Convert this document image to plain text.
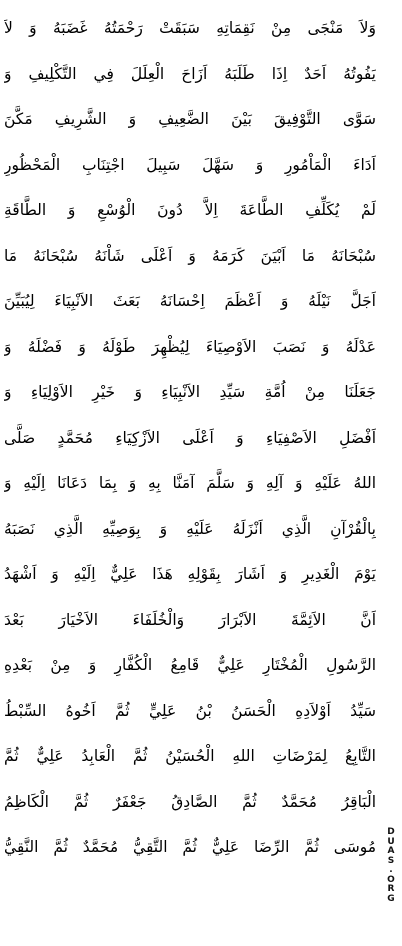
وَلاَ مَنْجَى مِنْ نَقِمَاتِهِ سَبَقَتْ رَحْمَتُهُ غَضَبَهُ وَ لاَ
يَفُوتُهُ اَحَدٌ اِذَا طَلَبَهُ اَزَاحَ الْعِلَلَ فِي التَّكْلِيفِ وَ
سَوَّى التَّوْفِيقَ بَيْنَ الضَّعِيفِ وَ الشَّرِيفِ مَكَّنَ
اَدَاءَ الْمَاْمُورِ وَ سَهَّلَ سَبِيلَ اجْتِنَابِ الْمَحْظُورِ
لَمْ يُكَلِّفِ الطَّاعَةَ اِلاَّ دُونَ الْوُسْعِ وَ الطَّاقَةِ
سُبْحَانَهُ مَا اَبْيَنَ كَرَمَهُ وَ اَعْلَى شَاْنَهُ سُبْحَانَهُ مَا
اَجَلَّ نَيْلَهُ وَ اَعْظَمَ اِحْسَانَهُ بَعَثَ الاَنْبِيَاءَ لِيُبَيِّنَ
عَدْلَهُ وَ نَصَبَ الاَوْصِيَاءَ لِيُظْهِرَ طَوْلَهُ وَ فَضْلَهُ وَ
جَعَلَنَا مِنْ اُمَّةِ سَيِّدِ الاَنْبِيَاءِ وَ خَيْرِ الاَوْلِيَاءِ وَ
اَفْضَلِ الاَصْفِيَاءِ وَ اَعْلَى الاَزْكِيَاءِ مُحَمَّدٍ صَلَّى
اللهُ عَلَيْهِ وَ آلِهِ وَ سَلَّمَ آمَنَّا بِهِ وَ بِمَا دَعَانَا اِلَيْهِ وَ
بِالْقُرْآنِ الَّذِي اَنْزَلَهُ عَلَيْهِ وَ بِوَصِيِّهِ الَّذِي نَصَبَهُ
يَوْمَ الْغَدِيرِ وَ اَشَارَ بِقَوْلِهِ هَذَا عَلِيٌّ اِلَيْهِ وَ اَشْهَدُ
اَنَّ الاَئِمَّةَ الاَبْرَارَ وَالْخُلَفَاءَ الاَخْيَارَ بَعْدَ
الرَّسُولِ الْمُخْتَارِ عَلِيٌّ قَامِعُ الْكُفَّارِ وَ مِنْ بَعْدِهِ
سَيِّدُ اَوْلاَدِهِ الْحَسَنُ بْنُ عَلِيٍّ ثُمَّ اَخُوهُ السِّبْطُ
التَّابِعُ لِمَرْضَاتِ اللهِ الْحُسَيْنُ ثُمَّ الْعَابِدُ عَلِيٌّ ثُمَّ
الْبَاقِرُ مُحَمَّدٌ ثُمَّ الصَّادِقُ جَعْفَرٌ ثُمَّ الْكَاظِمُ
مُوسَى ثُمَّ الرِّضَا عَلِيٌّ ثُمَّ التَّقِيُّ مُحَمَّدٌ ثُمَّ النَّقِيُّ
D
U
A
S
.
O
R
G
